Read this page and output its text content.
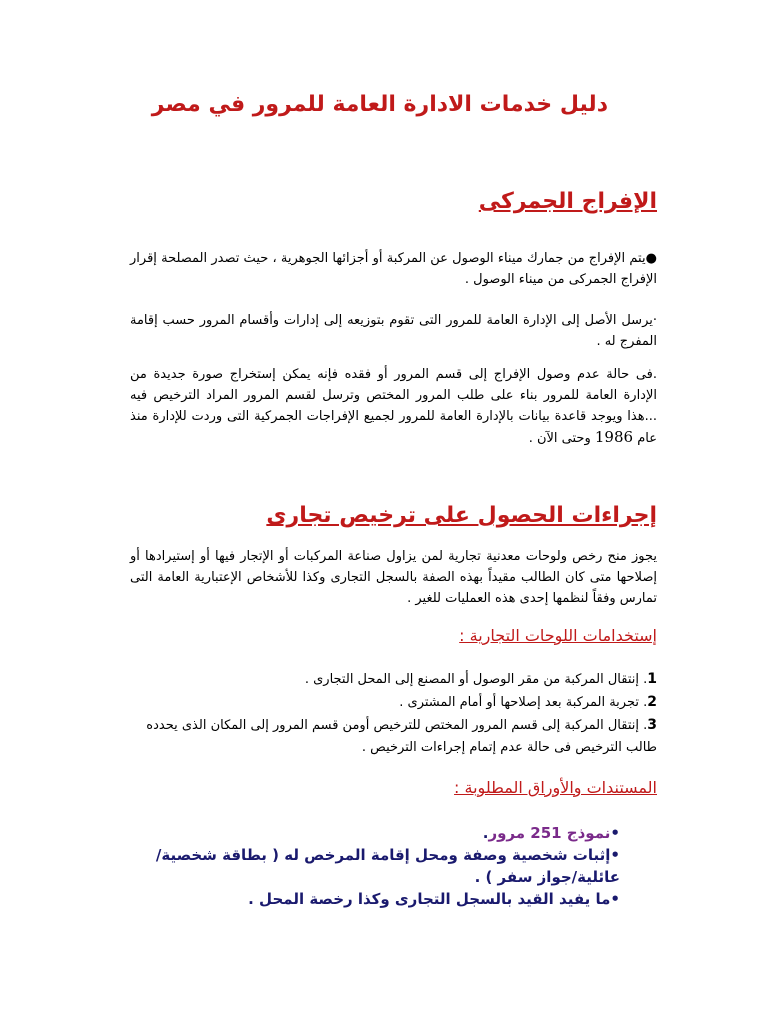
دليل خدمات الادارة العامة للمرور في مصر
الإفراج الجمركى
●يتم الإفراج من جمارك ميناء الوصول عن المركبة أو أجزائها الجوهرية ، حيث تصدر المصلحة إقرار الإفراج الجمركى من ميناء الوصول .
·يرسل الأصل إلى الإدارة العامة للمرور التى تقوم بتوزيعه إلى إدارات وأقسام المرور حسب إقامة المفرج له .
.فى حالة عدم وصول الإفراج إلى قسم المرور أو فقده فإنه يمكن إستخراج صورة جديدة من الإدارة العامة للمرور بناء على طلب المرور المختص وترسل لقسم المرور المراد الترخيص فيه ...هذا ويوجد قاعدة بيانات بالإدارة العامة للمرور لجميع الإفراجات الجمركية التى وردت للإدارة منذ عام 1986 وحتى الآن .
إجراءات الحصول على ترخيص تجارى
يجوز منح رخص ولوحات معدنية تجارية لمن يزاول صناعة المركبات أو الإتجار فيها أو إستيرادها أو إصلاحها متى كان الطالب مقيداً بهذه الصفة بالسجل التجارى وكذا للأشخاص الإعتبارية العامة التى تمارس وفقاً لنظمها إحدى هذه العمليات للغير .
إستخدامات اللوحات التجارية :
1. إنتقال المركبة من مقر الوصول أو المصنع إلى المحل التجارى .
2. تجربة المركبة بعد إصلاحها أو أمام المشترى .
3. إنتقال المركبة إلى قسم المرور المختص للترخيص أومن قسم المرور إلى المكان الذى يحدده طالب الترخيص فى حالة عدم إتمام إجراءات الترخيص .
المستندات والأوراق المطلوبة :
•نموذج 251 مرور.
•إثبات شخصية وصفة ومحل إقامة المرخص له ( بطاقة شخصية/عائلية/جواز سفر ) .
•ما يفيد القيد بالسجل التجارى وكذا رخصة المحل .
